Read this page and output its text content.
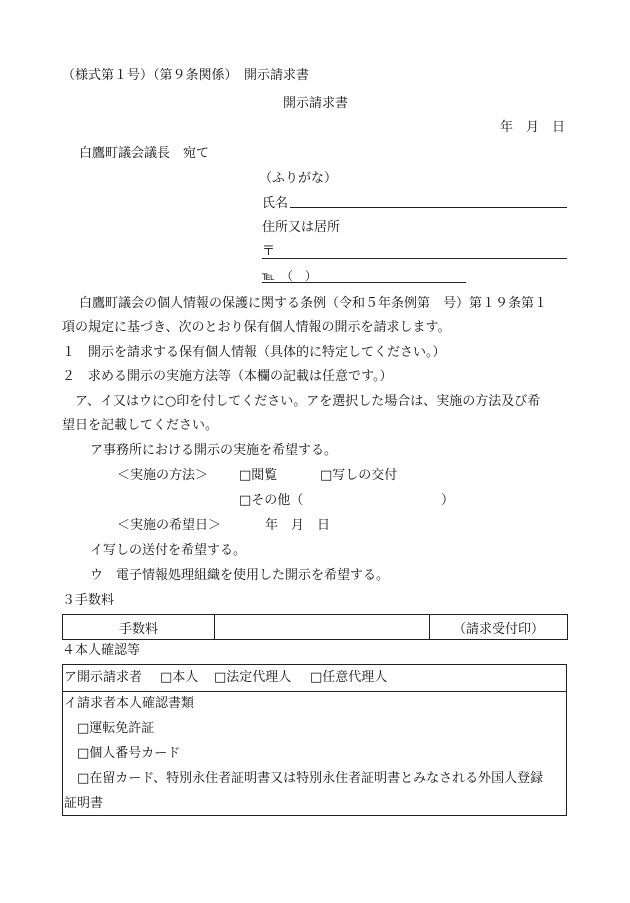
（様式第１号）（第９条関係）　開示請求書
開示請求書
年　月　日
白鷹町議会議長　宛て
（ふりがな）
氏名
住所又は居所
〒
℡　（　）
白鷹町議会の個人情報の保護に関する条例（令和５年条例第　号）第１９条第１
項の規定に基づき、次のとおり保有個人情報の開示を請求します。
１　開示を請求する保有個人情報（具体的に特定してください。）
２　求める開示の実施方法等（本欄の記載は任意です。）
ア、イ又はウに○印を付してください。アを選択した場合は、実施の方法及び希
望日を記載してください。
ア事務所における開示の実施を希望する。
＜実施の方法＞ □閲覧	□写しの交付
□その他（	）
＜実施の希望日＞	年　月　日
イ写しの送付を希望する。
ウ　電子情報処理組織を使用した開示を希望する。
３手数料
手数料		（請求受付印）
４本人確認等
ア開示請求者 □本人 □法定代理人 □任意代理人
イ請求者本人確認書類
□運転免許証
□個人番号カード
□在留カード、特別永住者証明書又は特別永住者証明書とみなされる外国人登録
証明書
